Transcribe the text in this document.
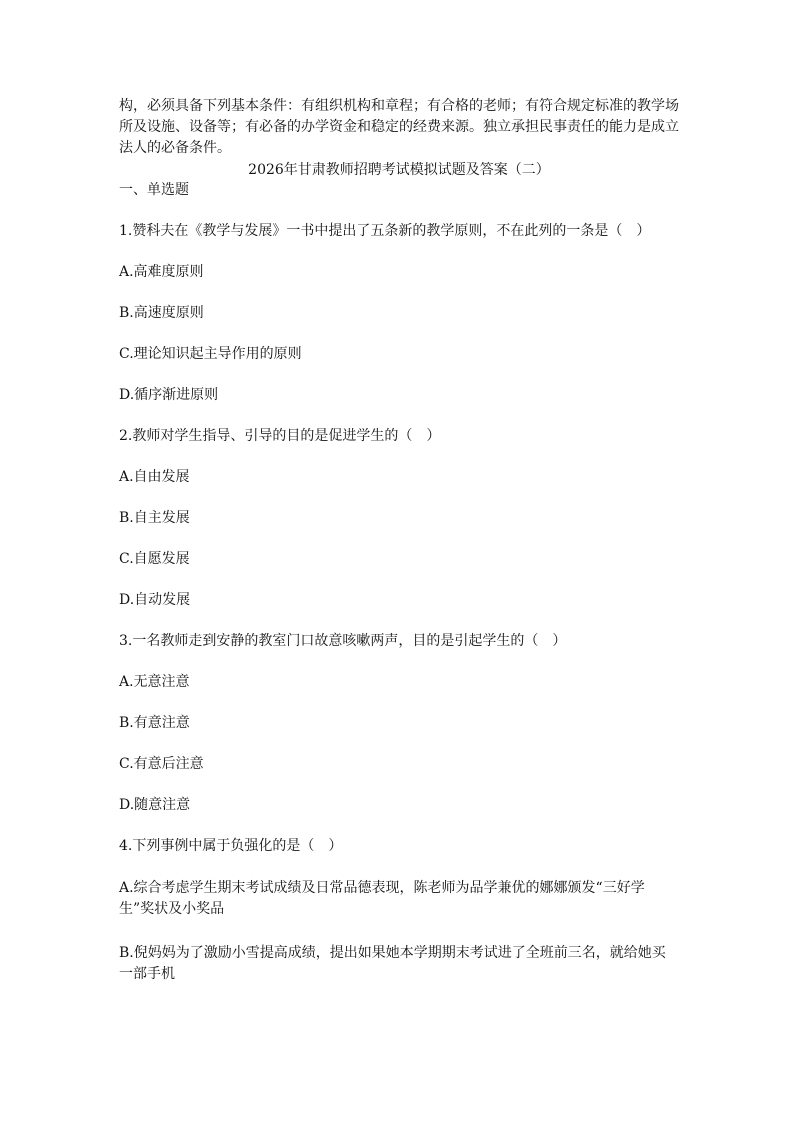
构，必须具备下列基本条件：有组织机构和章程；有合格的老师；有符合规定标准的教学场所及设施、设备等；有必备的办学资金和稳定的经费来源。独立承担民事责任的能力是成立法人的必备条件。

2026年甘肃教师招聘考试模拟试题及答案（二）

一、单选题

1.赞科夫在《教学与发展》一书中提出了五条新的教学原则，不在此列的一条是（　）

A.高难度原则

B.高速度原则

C.理论知识起主导作用的原则

D.循序渐进原则

2.教师对学生指导、引导的目的是促进学生的（　）

A.自由发展

B.自主发展

C.自愿发展

D.自动发展

3.一名教师走到安静的教室门口故意咳嗽两声，目的是引起学生的（　）

A.无意注意

B.有意注意

C.有意后注意

D.随意注意

4.下列事例中属于负强化的是（　）

A.综合考虑学生期末考试成绩及日常品德表现，陈老师为品学兼优的娜娜颁发“三好学生”奖状及小奖品

B.倪妈妈为了激励小雪提高成绩，提出如果她本学期期末考试进了全班前三名，就给她买一部手机
